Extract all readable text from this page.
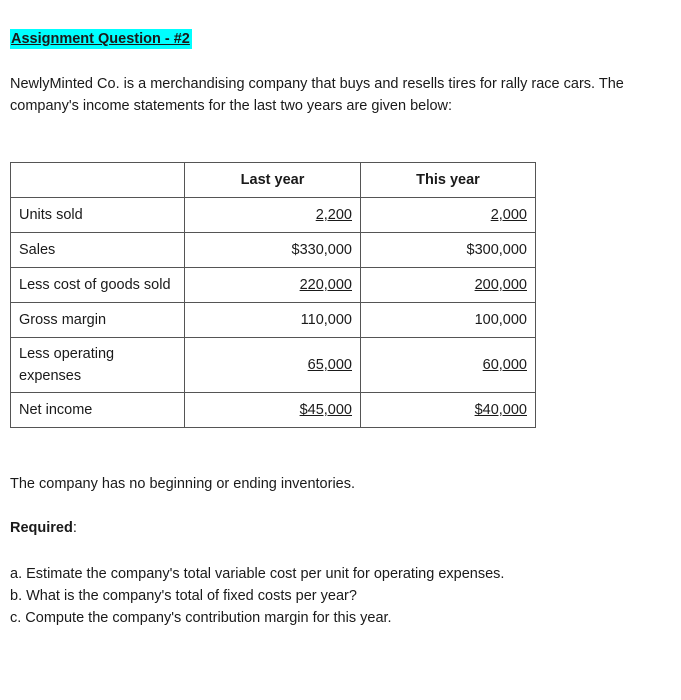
Assignment Question - #2

NewlyMinted Co. is a merchandising company that buys and resells tires for rally race cars. The company's income statements for the last two years are given below:

	Last year	This year
Units sold	2,200	2,000
Sales	$330,000	$300,000
Less cost of goods sold	220,000	200,000
Gross margin	110,000	100,000
Less operating expenses	65,000	60,000
Net income	$45,000	$40,000
The company has no beginning or ending inventories.
Required:
a. Estimate the company's total variable cost per unit for operating expenses.
b. What is the company's total of fixed costs per year?
c. Compute the company's contribution margin for this year.
